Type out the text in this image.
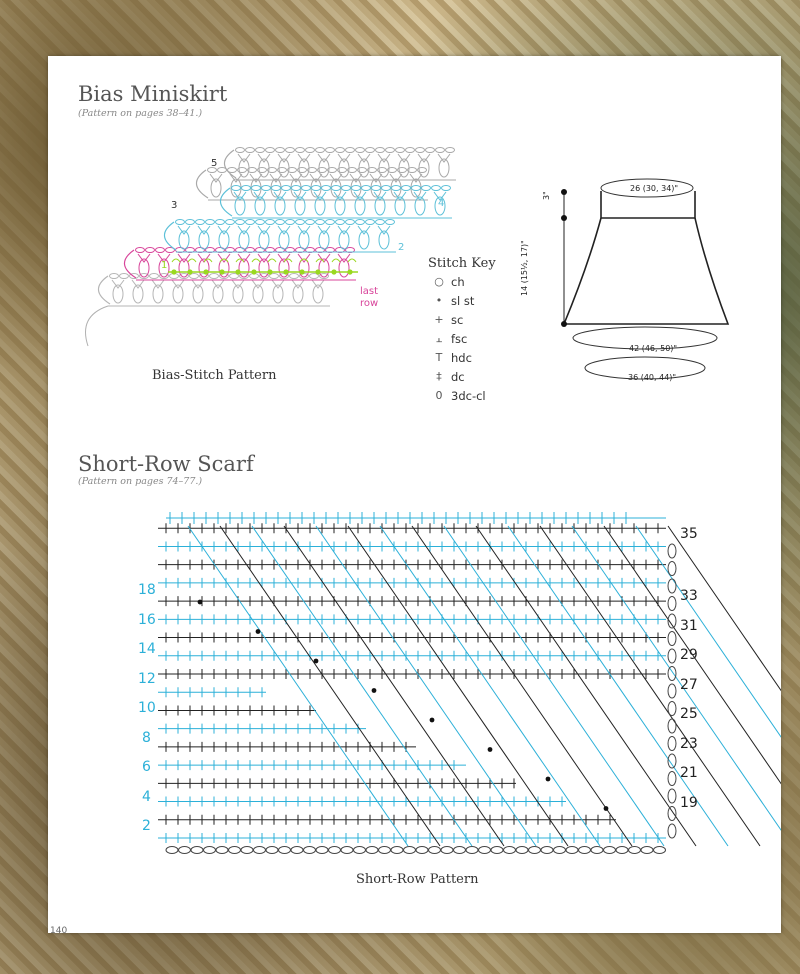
Bias Miniskirt
(Pattern on pages 38–41.)
5
4
3
2
1
last
row
Bias-Stitch Pattern
Stitch Key
○ ch
• sl st
+ sc
⫠ fsc
T hdc
‡ dc
0 3dc-cl
26 (30, 34)"
3"
14 (15½, 17)"
42 (46, 50)"
36 (40, 44)"
Short-Row Scarf
(Pattern on pages 74–77.)
Short-Row Pattern
18
16
14
12
10
8
6
4
2
35
33
31
29
27
25
23
21
19
140
